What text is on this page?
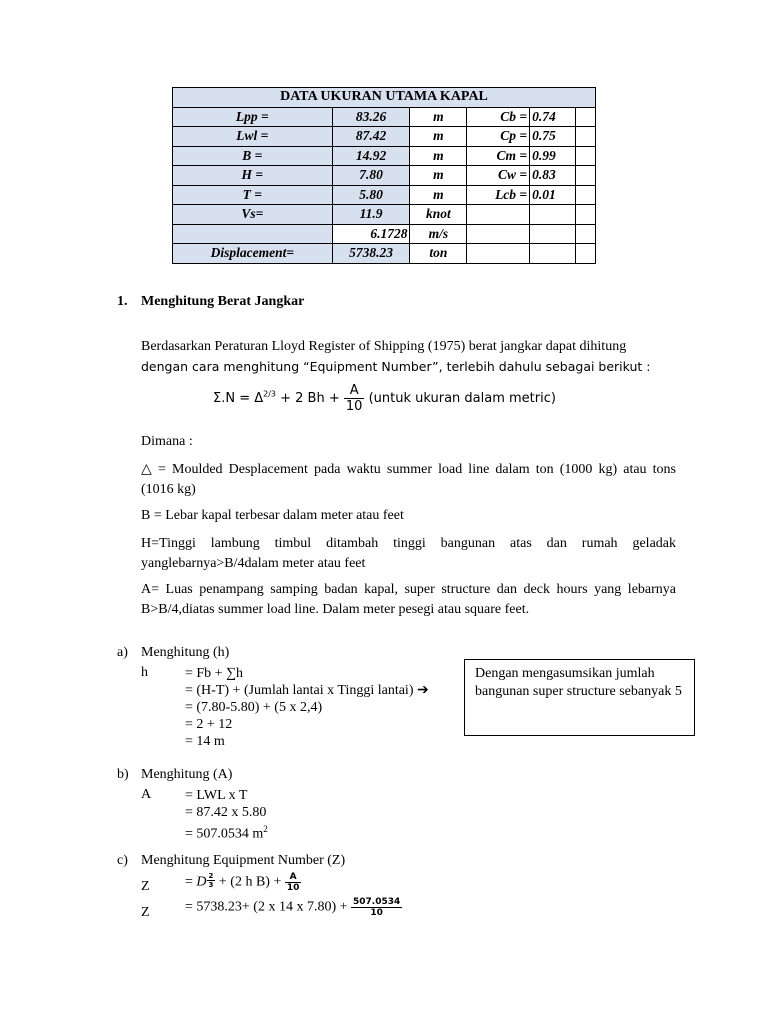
DATA UKURAN UTAMA KAPAL					
Lpp =	83.26	m	Cb =	0.74	
Lwl =	87.42	m	Cp =	0.75	
B =	14.92	m	Cm =	0.99	
H =	7.80	m	Cw =	0.83	
T =	5.80	m	Lcb =	0.01	
Vs=	11.9	knot			
	6.1728	m/s			
Displacement=	5738.23	ton			
1. Menghitung Berat Jangkar
Berdasarkan Peraturan Lloyd Register of Shipping (1975) berat jangkar dapat dihitung
dengan cara menghitung “Equipment Number”, terlebih dahulu sebagai berikut :
$\Sigma.N = \Delta^{2/3} + 2$ $Bh + \frac{A}{10}$ (untuk ukuran dalam metric)
Dimana :
△ = Moulded Desplacement pada waktu summer load line dalam ton (1000 kg) atau tons (1016 kg)

B = Lebar kapal terbesar dalam meter atau feet

H=Tinggi lambung timbul ditambah tinggi bangunan atas dan rumah geladak yanglebarnya>B/4dalam meter atau feet

A= Luas penampang samping badan kapal, super structure dan deck hours yang lebarnya B>B/4,diatas summer load line. Dalam meter pesegi atau square feet.

a) Menghitung (h)
h	= Fb + ∑h
= (H-T) + (Jumlah lantai x Tinggi lantai) ➔
= (7.80-5.80) + (5 x 2,4)
= 2 + 12
= 14 m
Dengan mengasumsikan jumlah bangunan super structure sebanyak 5
b) Menghitung (A)
A = LWL x T
= 87.42 x 5.80
= 507.0534 $m^2$
c) Menghitung Equipment Number (Z)
Z	= D $\frac{2}{3} + (2$ h $B) + \frac{A}{10}$
Z	= 5738.23+ (2 x 14 x $7.80) + \frac{507.0534}{10}$
